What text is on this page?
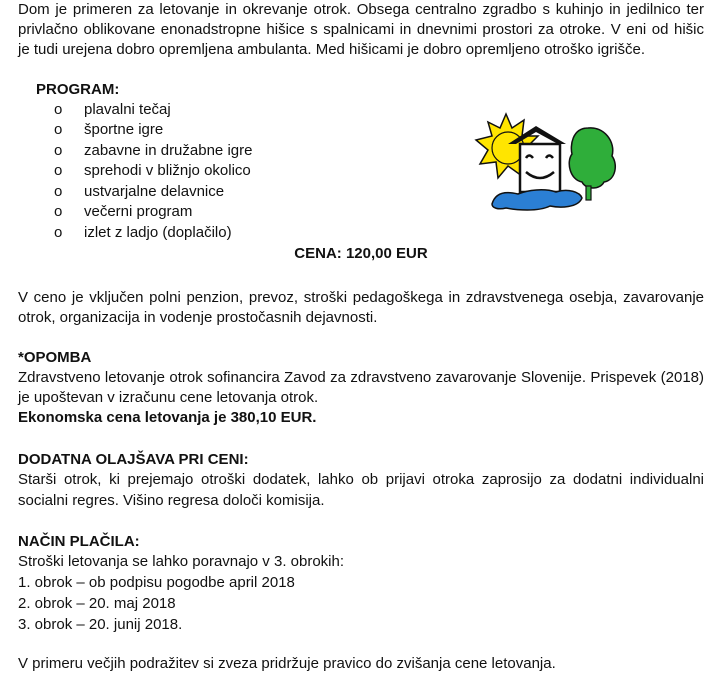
Dom je primeren za letovanje in okrevanje otrok. Obsega centralno zgradbo s kuhinjo in jedilnico ter
privlačno oblikovane enonadstropne hišice s spalnicami in dnevnimi prostori za otroke. V eni od hišic
je tudi urejena dobro opremljena ambulanta. Med hišicami je dobro opremljeno otroško igrišče.
PROGRAM:
o plavalni tečaj
o športne igre
o zabavne in družabne igre
o sprehodi v bližnjo okolico
o ustvarjalne delavnice
o večerni program
o izlet z ladjo (doplačilo)
CENA: 120,00 EUR
V ceno je vključen polni penzion, prevoz, stroški pedagoškega in zdravstvenega osebja, zavarovanje
otrok, organizacija in vodenje prostočasnih dejavnosti.
*OPOMBA
Zdravstveno letovanje otrok sofinancira Zavod za zdravstveno zavarovanje Slovenije. Prispevek (2018)
je upoštevan v izračunu cene letovanja otrok.
Ekonomska cena letovanja je 380,10 EUR.
DODATNA OLAJŠAVA PRI CENI:
Starši otrok, ki prejemajo otroški dodatek, lahko ob prijavi otroka zaprosijo za dodatni individualni
socialni regres. Višino regresa določi komisija.
NAČIN PLAČILA:
Stroški letovanja se lahko poravnajo v 3. obrokih:
1. obrok – ob podpisu pogodbe april 2018
2. obrok – 20. maj 2018
3. obrok – 20. junij 2018.
V primeru večjih podražitev si zveza pridržuje pravico do zvišanja cene letovanja.
